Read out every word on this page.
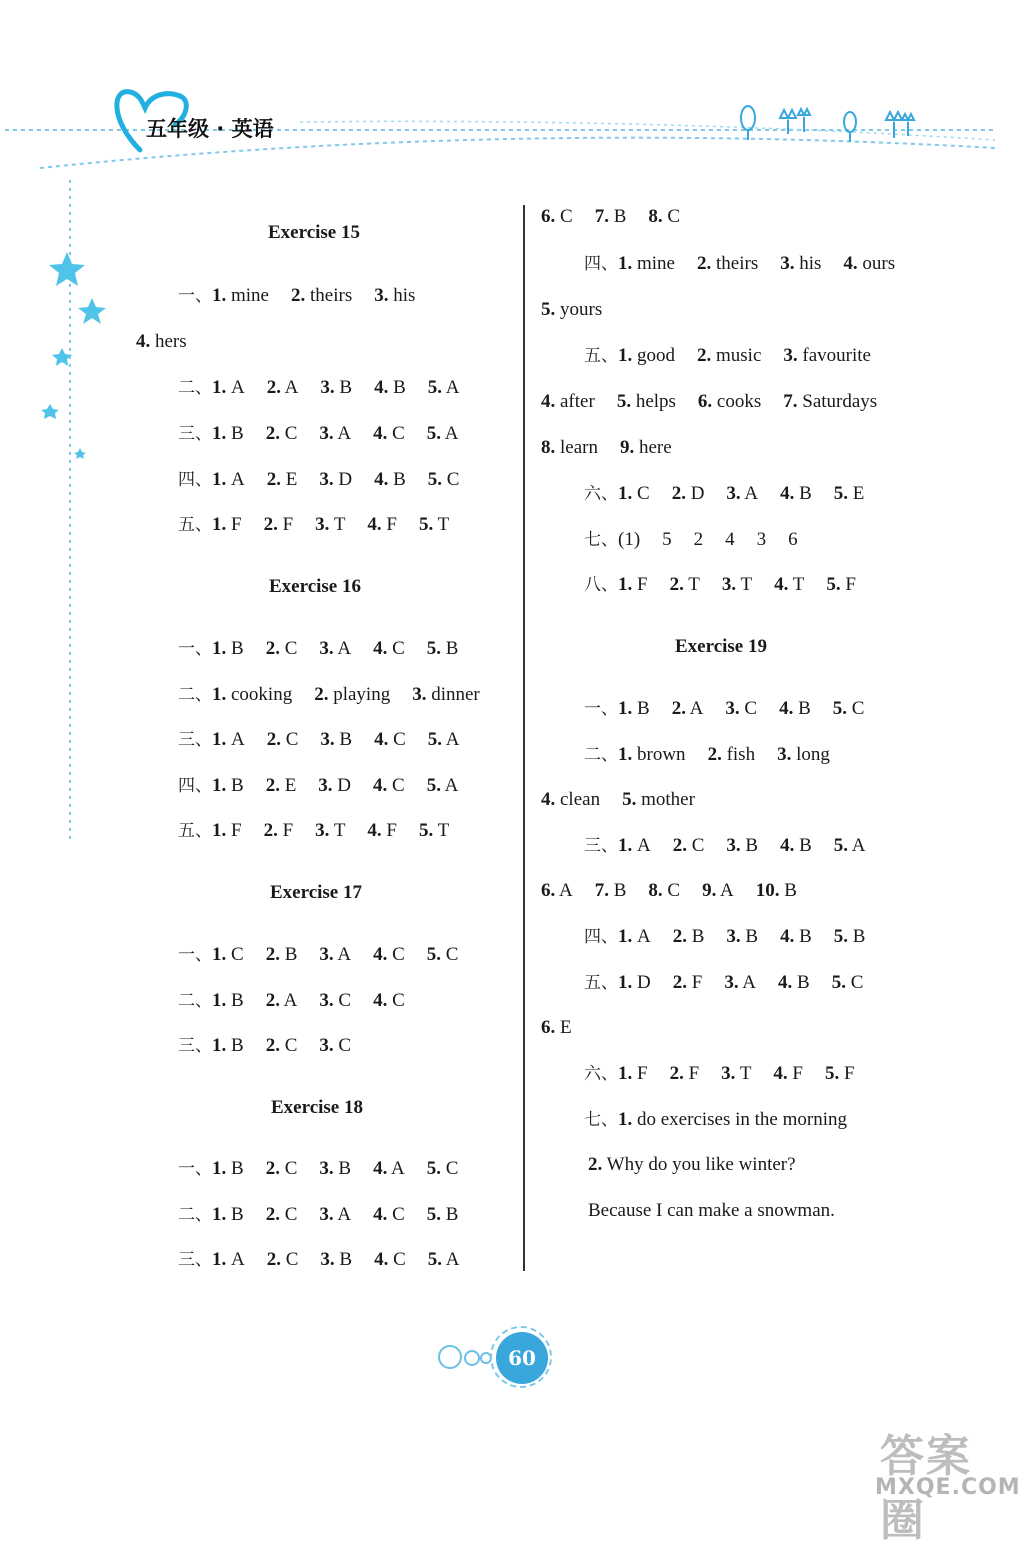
五年级 · 英语
Exercise 15
一、1. mine 2. theirs 3. his
4. hers
二、1. A 2. A 3. B 4. B 5. A
三、1. B 2. C 3. A 4. C 5. A
四、1. A 2. E 3. D 4. B 5. C
五、1. F 2. F 3. T 4. F 5. T
Exercise 16
一、1. B 2. C 3. A 4. C 5. B
二、1. cooking 2. playing 3. dinner
三、1. A 2. C 3. B 4. C 5. A
四、1. B 2. E 3. D 4. C 5. A
五、1. F 2. F 3. T 4. F 5. T
Exercise 17
一、1. C 2. B 3. A 4. C 5. C
二、1. B 2. A 3. C 4. C
三、1. B 2. C 3. C
Exercise 18
一、1. B 2. C 3. B 4. A 5. C
二、1. B 2. C 3. A 4. C 5. B
三、1. A 2. C 3. B 4. C 5. A
6. C 7. B 8. C
四、1. mine 2. theirs 3. his 4. ours
5. yours
五、1. good 2. music 3. favourite
4. after 5. helps 6. cooks 7. Saturdays
8. learn 9. here
六、1. C 2. D 3. A 4. B 5. E
七、(1) 5 2 4 3 6
八、1. F 2. T 3. T 4. T 5. F
Exercise 19
一、1. B 2. A 3. C 4. B 5. C
二、1. brown 2. fish 3. long
4. clean 5. mother
三、1. A 2. C 3. B 4. B 5. A
6. A 7. B 8. C 9. A 10. B
四、1. A 2. B 3. B 4. B 5. B
五、1. D 2. F 3. A 4. B 5. C
6. E
六、1. F 2. F 3. T 4. F 5. F
七、1. do exercises in the morning
2. Why do you like winter?
Because I can make a snowman.
60
答案圈
MXQE.COM
